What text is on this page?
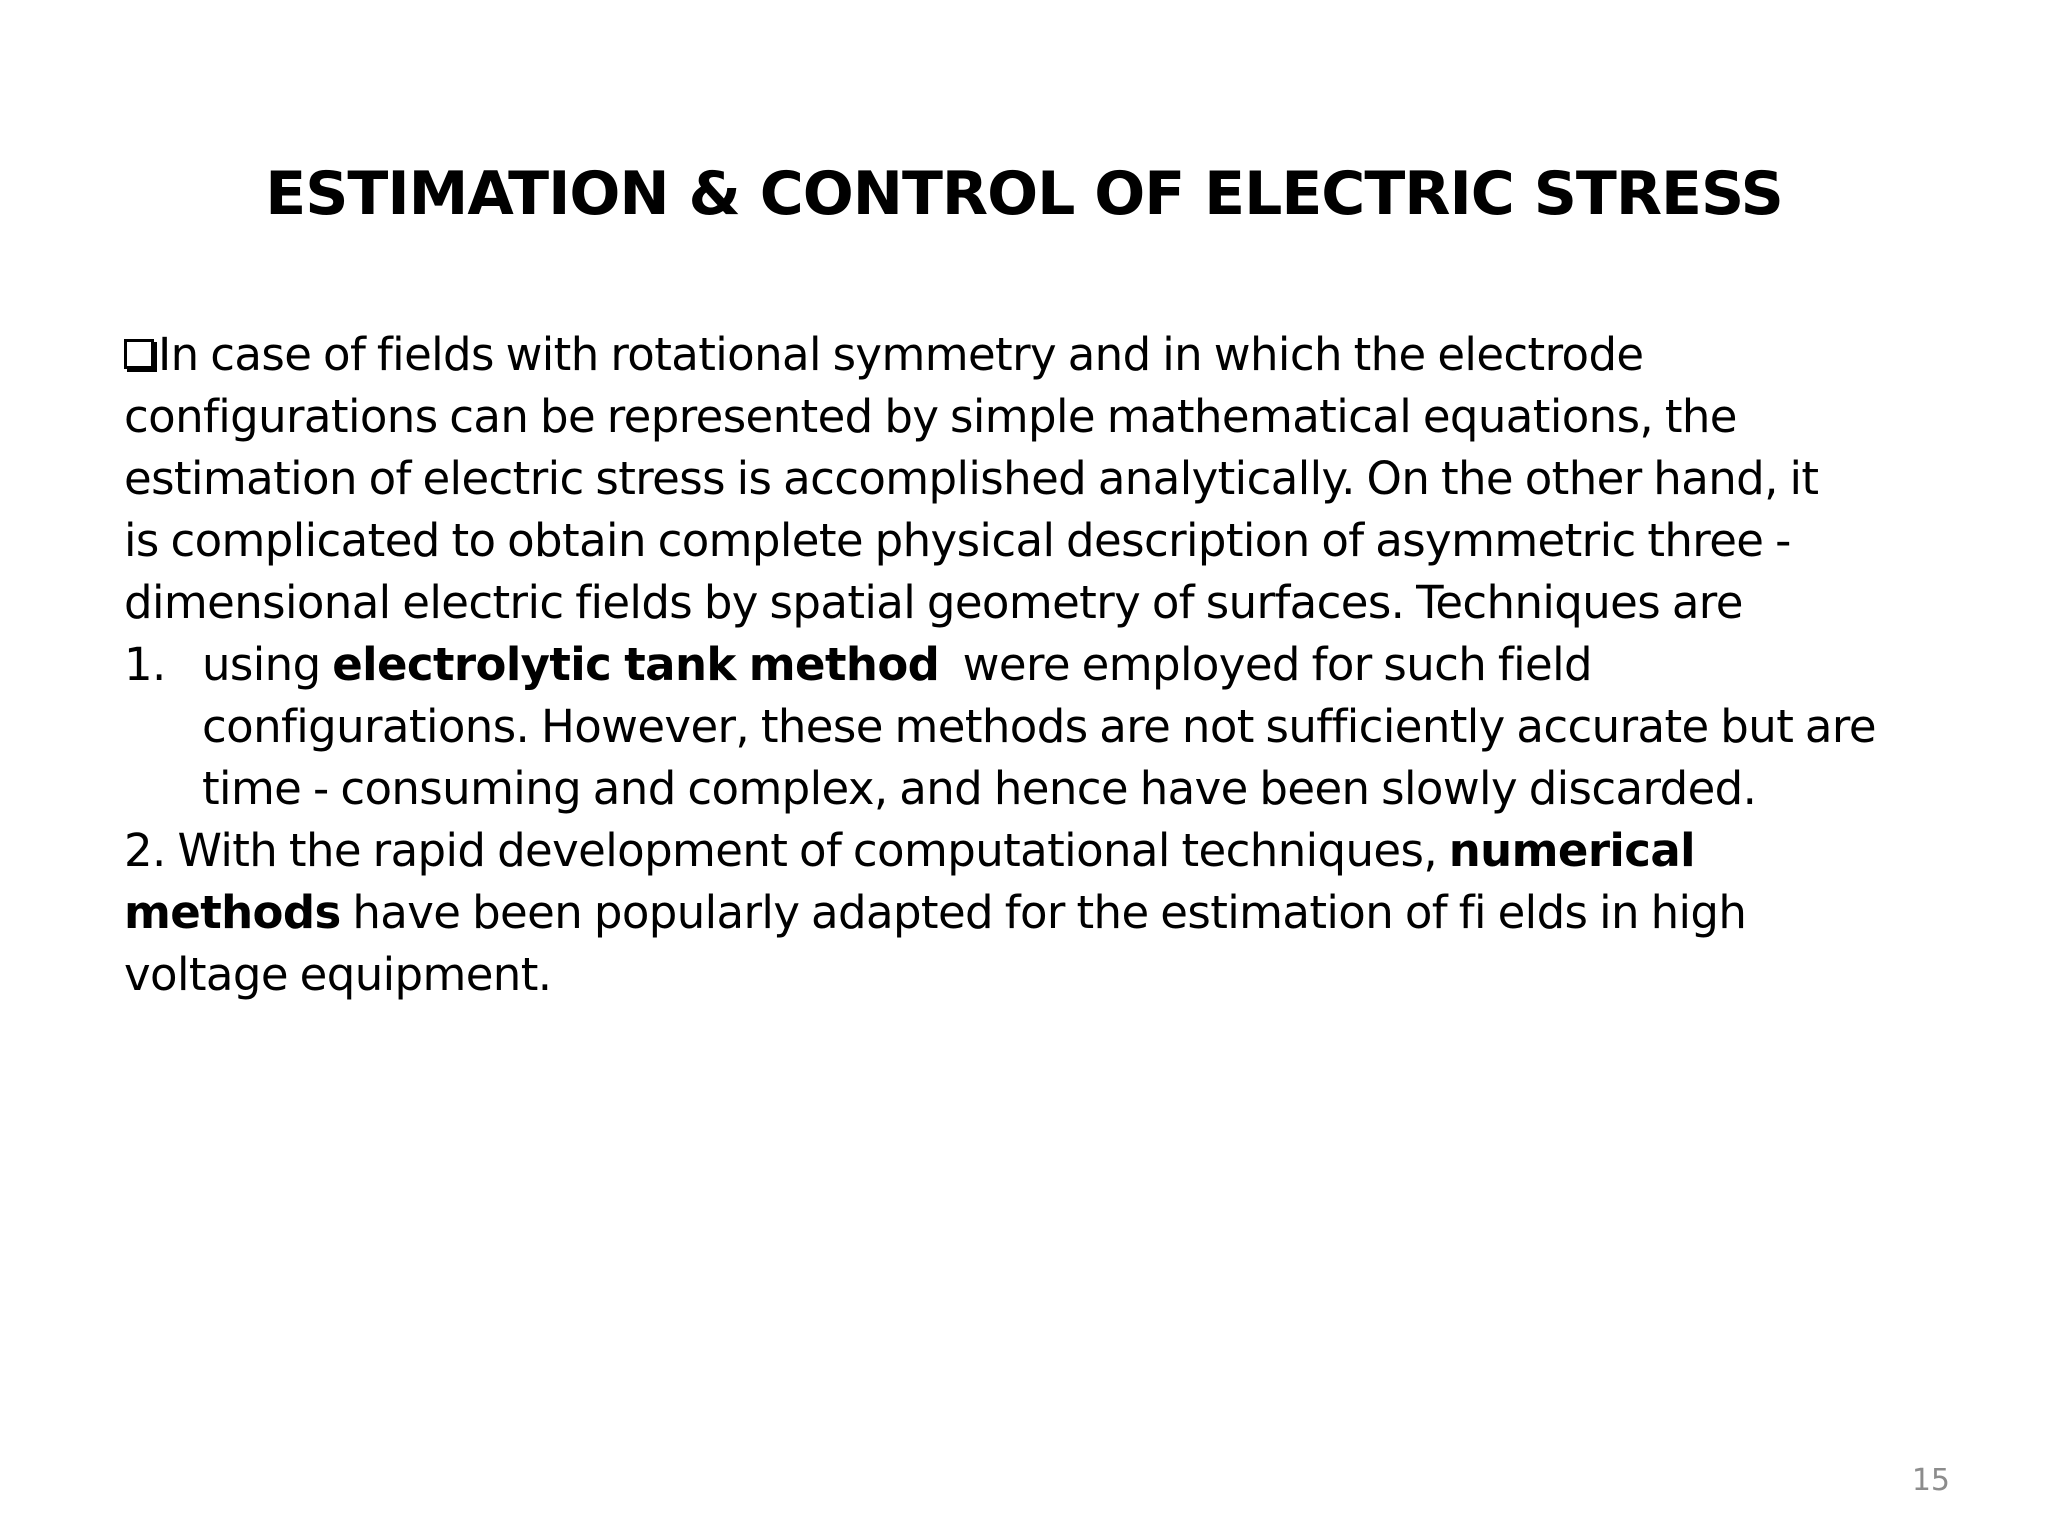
ESTIMATION & CONTROL OF ELECTRIC STRESS
In case of fields with rotational symmetry and in which the electrode
configurations can be represented by simple mathematical equations, the
estimation of electric stress is accomplished analytically. On the other hand, it
is complicated to obtain complete physical description of asymmetric three -
dimensional electric fields by spatial geometry of surfaces. Techniques are
1. using electrolytic tank method  were employed for such field
configurations. However, these methods are not sufficiently accurate but are
time - consuming and complex, and hence have been slowly discarded.
2. With the rapid development of computational techniques, numerical
methods have been popularly adapted for the estimation of fi elds in high
voltage equipment.
15
